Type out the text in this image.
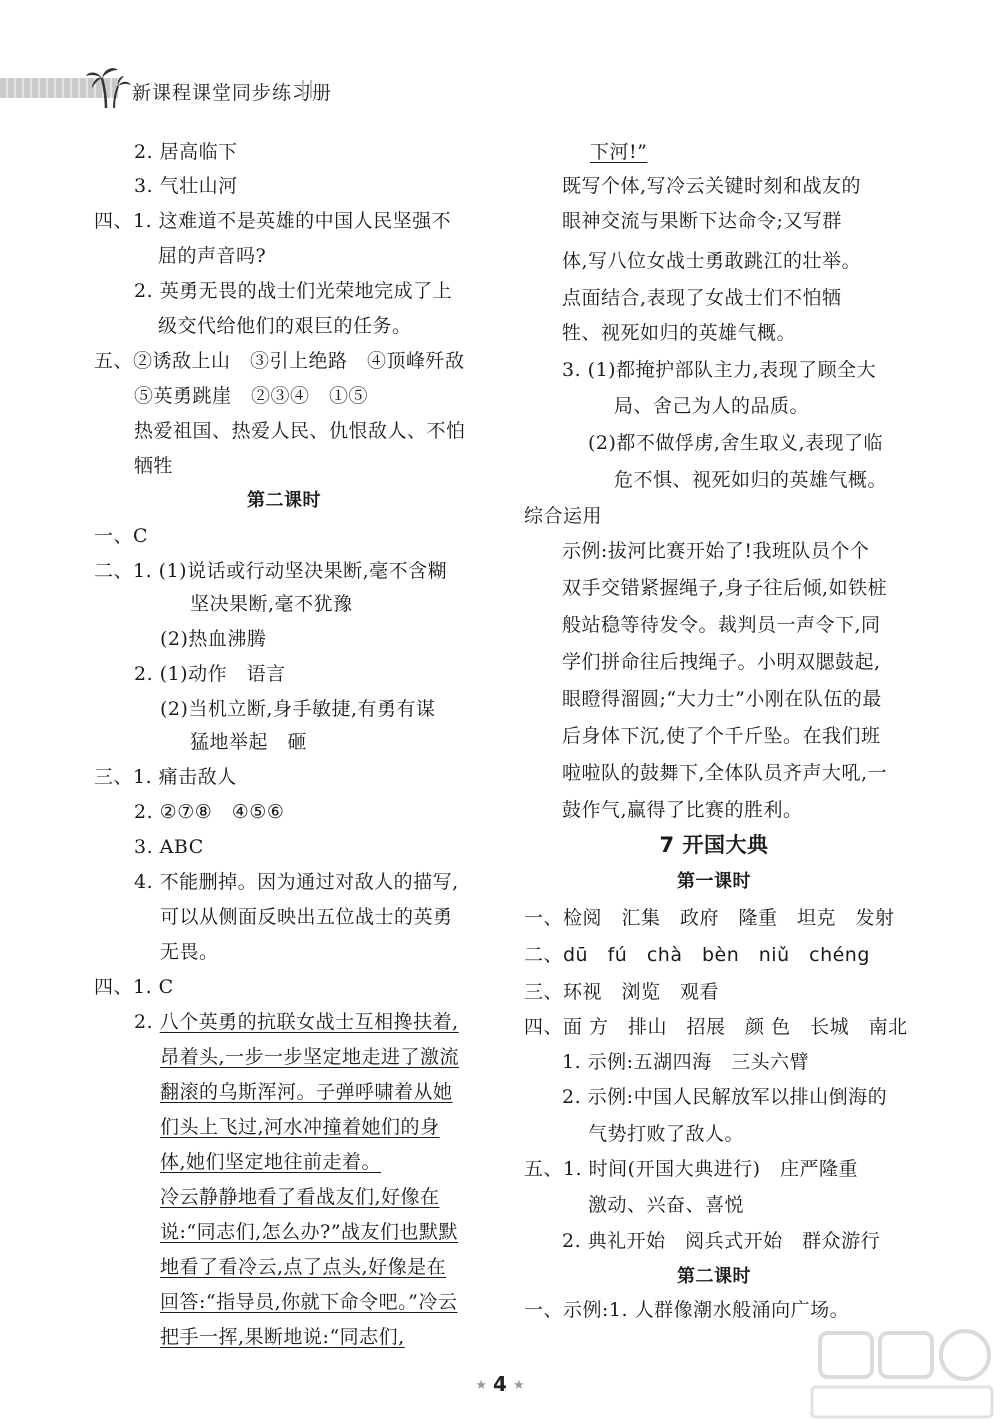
新课程课堂同步练习册
2. 居高临下
3. 气壮山河
四、1. 这难道不是英雄的中国人民坚强不
屈的声音吗?
2. 英勇无畏的战士们光荣地完成了上
级交代给他们的艰巨的任务。
五、②诱敌上山　③引上绝路　④顶峰歼敌
⑤英勇跳崖　②③④　①⑤
热爱祖国、热爱人民、仇恨敌人、不怕
牺牲
第二课时
一、C
二、1. (1)说话或行动坚决果断,毫不含糊
坚决果断,毫不犹豫
(2)热血沸腾
2. (1)动作　语言
(2)当机立断,身手敏捷,有勇有谋
猛地举起　砸
三、1. 痛击敌人
2. ②⑦⑧　④⑤⑥
3. ABC
4. 不能删掉。因为通过对敌人的描写,
可以从侧面反映出五位战士的英勇
无畏。
四、1. C
2. 八个英勇的抗联女战士互相搀扶着,
昂着头,一步一步坚定地走进了激流
翻滚的乌斯浑河。子弹呼啸着从她
们头上飞过,河水冲撞着她们的身
体,她们坚定地往前走着。
冷云静静地看了看战友们,好像在
说:“同志们,怎么办?”战友们也默默
地看了看冷云,点了点头,好像是在
回答:“指导员,你就下命令吧。”冷云
把手一挥,果断地说:“同志们,
下河!”
既写个体,写冷云关键时刻和战友的
眼神交流与果断下达命令;又写群
体,写八位女战士勇敢跳江的壮举。
点面结合,表现了女战士们不怕牺
牲、视死如归的英雄气概。
3. (1)都掩护部队主力,表现了顾全大
局、舍己为人的品质。
(2)都不做俘虏,舍生取义,表现了临
危不惧、视死如归的英雄气概。
综合运用
示例:拔河比赛开始了!我班队员个个
双手交错紧握绳子,身子往后倾,如铁桩
般站稳等待发令。裁判员一声令下,同
学们拼命往后拽绳子。小明双腮鼓起,
眼瞪得溜圆;“大力士”小刚在队伍的最
后身体下沉,使了个千斤坠。在我们班
啦啦队的鼓舞下,全体队员齐声大吼,一
鼓作气,赢得了比赛的胜利。
7 开国大典
第一课时
一、检阅　汇集　政府　隆重　坦克　发射
二、dū　fú　chà　bèn　niǔ　chéng
三、环视　浏览　观看
四、面 方　排山　招展　颜 色　长城　南北
1. 示例:五湖四海　三头六臂
2. 示例:中国人民解放军以排山倒海的
气势打败了敌人。
五、1. 时间(开国大典进行)　庄严隆重
激动、兴奋、喜悦
2. 典礼开始　阅兵式开始　群众游行
第二课时
一、示例:1. 人群像潮水般涌向广场。
★ 4 ★
